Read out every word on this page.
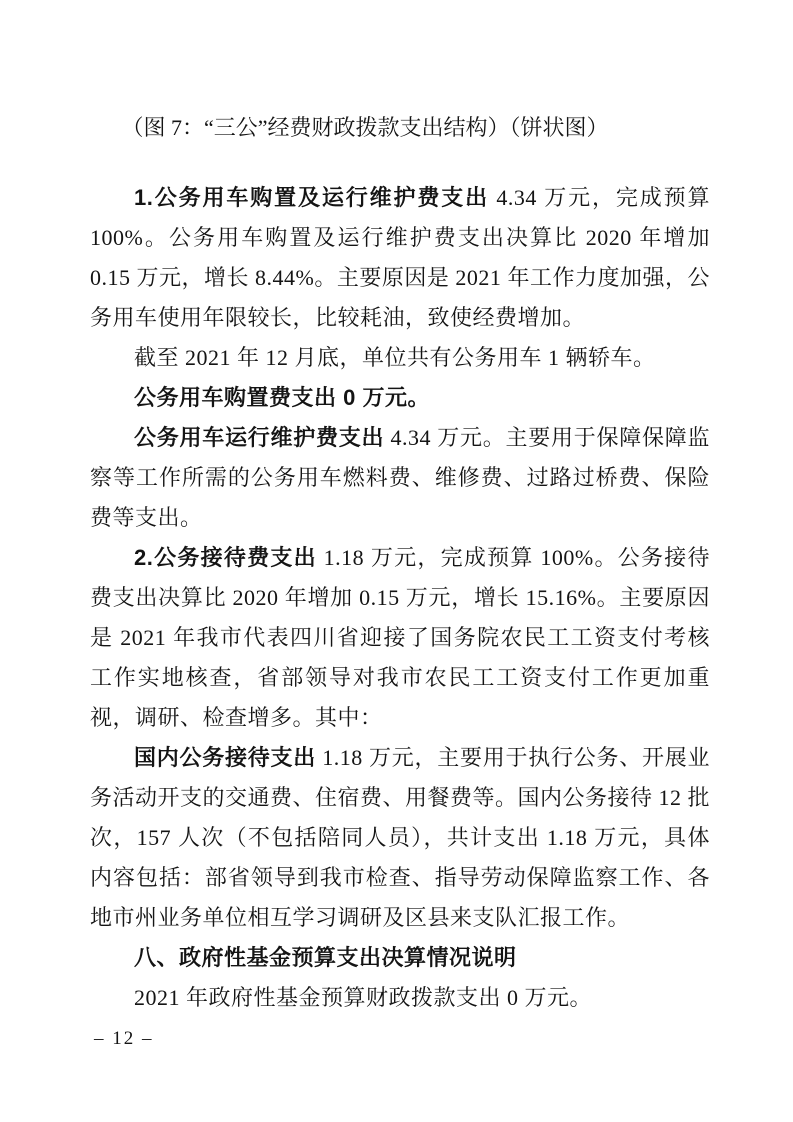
（图 7：“三公”经费财政拨款支出结构）（饼状图）

1.公务用车购置及运行维护费支出 4.34 万元，完成预算 100%。公务用车购置及运行维护费支出决算比 2020 年增加 0.15 万元，增长 8.44%。主要原因是 2021 年工作力度加强，公务用车使用年限较长，比较耗油，致使经费增加。

截至 2021 年 12 月底，单位共有公务用车 1 辆轿车。

公务用车购置费支出 0 万元。

公务用车运行维护费支出 4.34 万元。主要用于保障保障监察等工作所需的公务用车燃料费、维修费、过路过桥费、保险费等支出。

2.公务接待费支出 1.18 万元，完成预算 100%。公务接待费支出决算比 2020 年增加 0.15 万元，增长 15.16%。主要原因是 2021 年我市代表四川省迎接了国务院农民工工资支付考核工作实地核查，省部领导对我市农民工工资支付工作更加重视，调研、检查增多。其中：

国内公务接待支出 1.18 万元，主要用于执行公务、开展业务活动开支的交通费、住宿费、用餐费等。国内公务接待 12 批次，157 人次（不包括陪同人员），共计支出 1.18 万元，具体内容包括：部省领导到我市检查、指导劳动保障监察工作、各地市州业务单位相互学习调研及区县来支队汇报工作。

八、政府性基金预算支出决算情况说明

2021 年政府性基金预算财政拨款支出 0 万元。

– 12 –
